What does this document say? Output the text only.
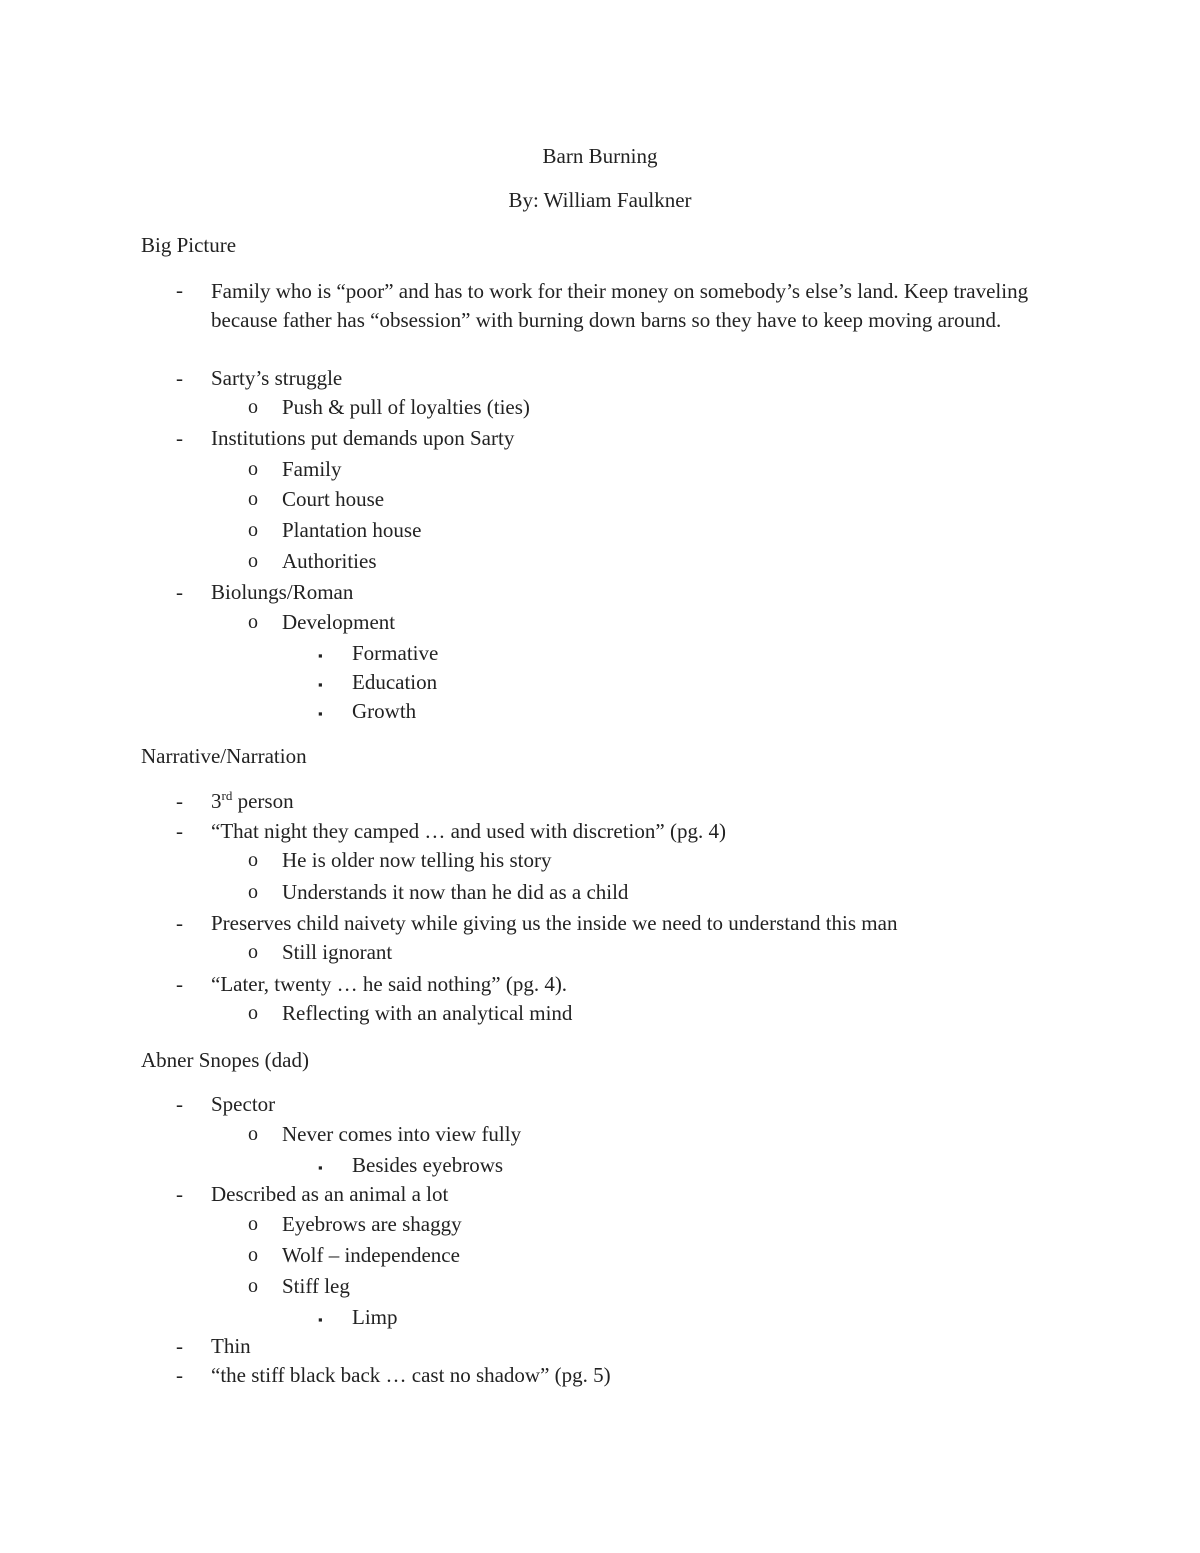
Barn Burning
By: William Faulkner
Big Picture
- Family who is “poor” and has to work for their money on somebody’s else’s land. Keep traveling because father has “obsession” with burning down barns so they have to keep moving around.
- Sarty’s struggle
o Push & pull of loyalties (ties)
- Institutions put demands upon Sarty
o Family
o Court house
o Plantation house
o Authorities
- Biolungs/Roman
o Development
▪ Formative
▪ Education
▪ Growth
Narrative/Narration
- 3rd person
- “That night they camped … and used with discretion” (pg. 4)
o He is older now telling his story
o Understands it now than he did as a child
- Preserves child naivety while giving us the inside we need to understand this man
o Still ignorant
- “Later, twenty … he said nothing” (pg. 4).
o Reflecting with an analytical mind
Abner Snopes (dad)
- Spector
o Never comes into view fully
▪ Besides eyebrows
- Described as an animal a lot
o Eyebrows are shaggy
o Wolf – independence
o Stiff leg
▪ Limp
- Thin
- “the stiff black back … cast no shadow” (pg. 5)
